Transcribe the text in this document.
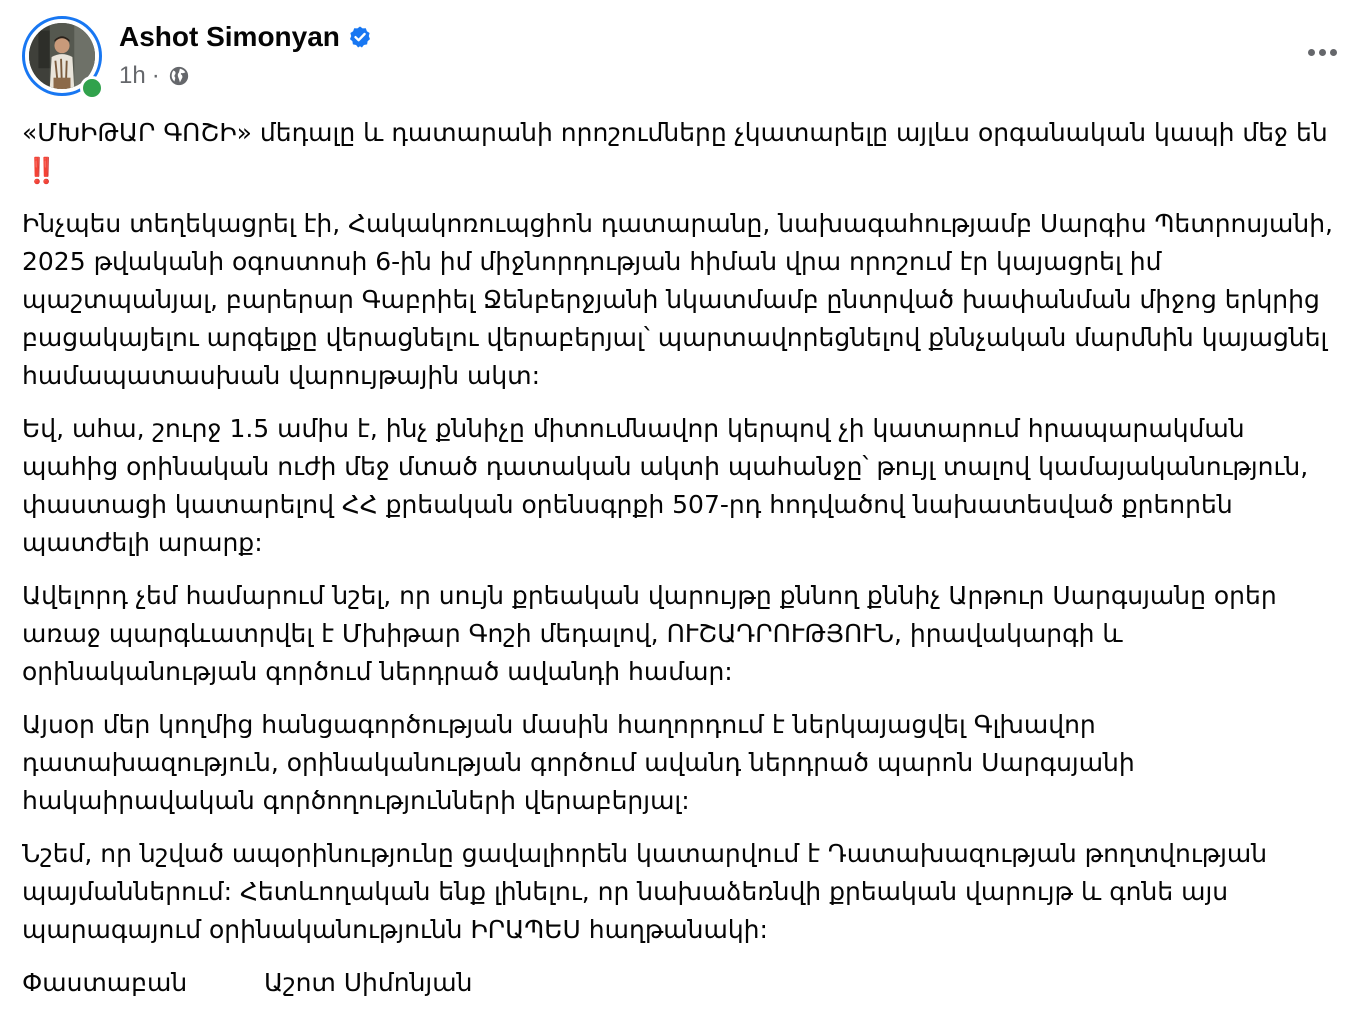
Ashot Simonyan
1h ·

«ՄԽԻԹԱՐ ԳՈՇԻ» մեդալը և դատարանի որոշումները չկատարելը այլևս օրգանական կապի մեջ են ‼️

Ինչպես տեղեկացրել էի, Հակակոռուպցիոն դատարանը, նախագահությամբ Սարգիս Պետրոսյանի, 2025 թվականի օգոստոսի 6-ին իմ միջնորդության հիման վրա որոշում էր կայացրել իմ պաշտպանյալ, բարերար Գաբրիել Ջենբերջյանի նկատմամբ ընտրված խափանման միջոց երկրից բացակայելու արգելքը վերացնելու վերաբերյալ՝ պարտավորեցնելով քննչական մարմնին կայացնել համապատասխան վարույթային ակտ:

Եվ, ահա, շուրջ 1.5 ամիս է, ինչ քննիչը միտումնավոր կերպով չի կատարում հրապարակման պահից օրինական ուժի մեջ մտած դատական ակտի պահանջը՝ թույլ տալով կամայականություն, փաստացի կատարելով ՀՀ քրեական օրենսգրքի 507-րդ հոդվածով նախատեսված քրեորեն պատժելի արարք:

Ավելորդ չեմ համարում նշել, որ սույն քրեական վարույթը քննող քննիչ Արթուր Սարգսյանը օրեր առաջ պարգևատրվել է Մխիթար Գոշի մեդալով, ՈՒՇԱԴՐՈՒԹՅՈՒՆ, իրավակարգի և օրինականության գործում ներդրած ավանդի համար:

Այսօր մեր կողմից հանցագործության մասին հաղորդում է ներկայացվել Գլխավոր դատախազություն, օրինականության գործում ավանդ ներդրած պարոն Սարգսյանի հակաիրավական գործողությունների վերաբերյալ:

Նշեմ, որ նշված ապօրինությունը ցավալիորեն կատարվում է Դատախազության թողտվության պայմաններում: Հետևողական ենք լինելու, որ նախաձեռնվի քրեական վարույթ և գոնե այս պարագայում օրինականությունն ԻՐԱՊԵՍ հաղթանակի:

Փաստաբան	Աշոտ Սիմոնյան
